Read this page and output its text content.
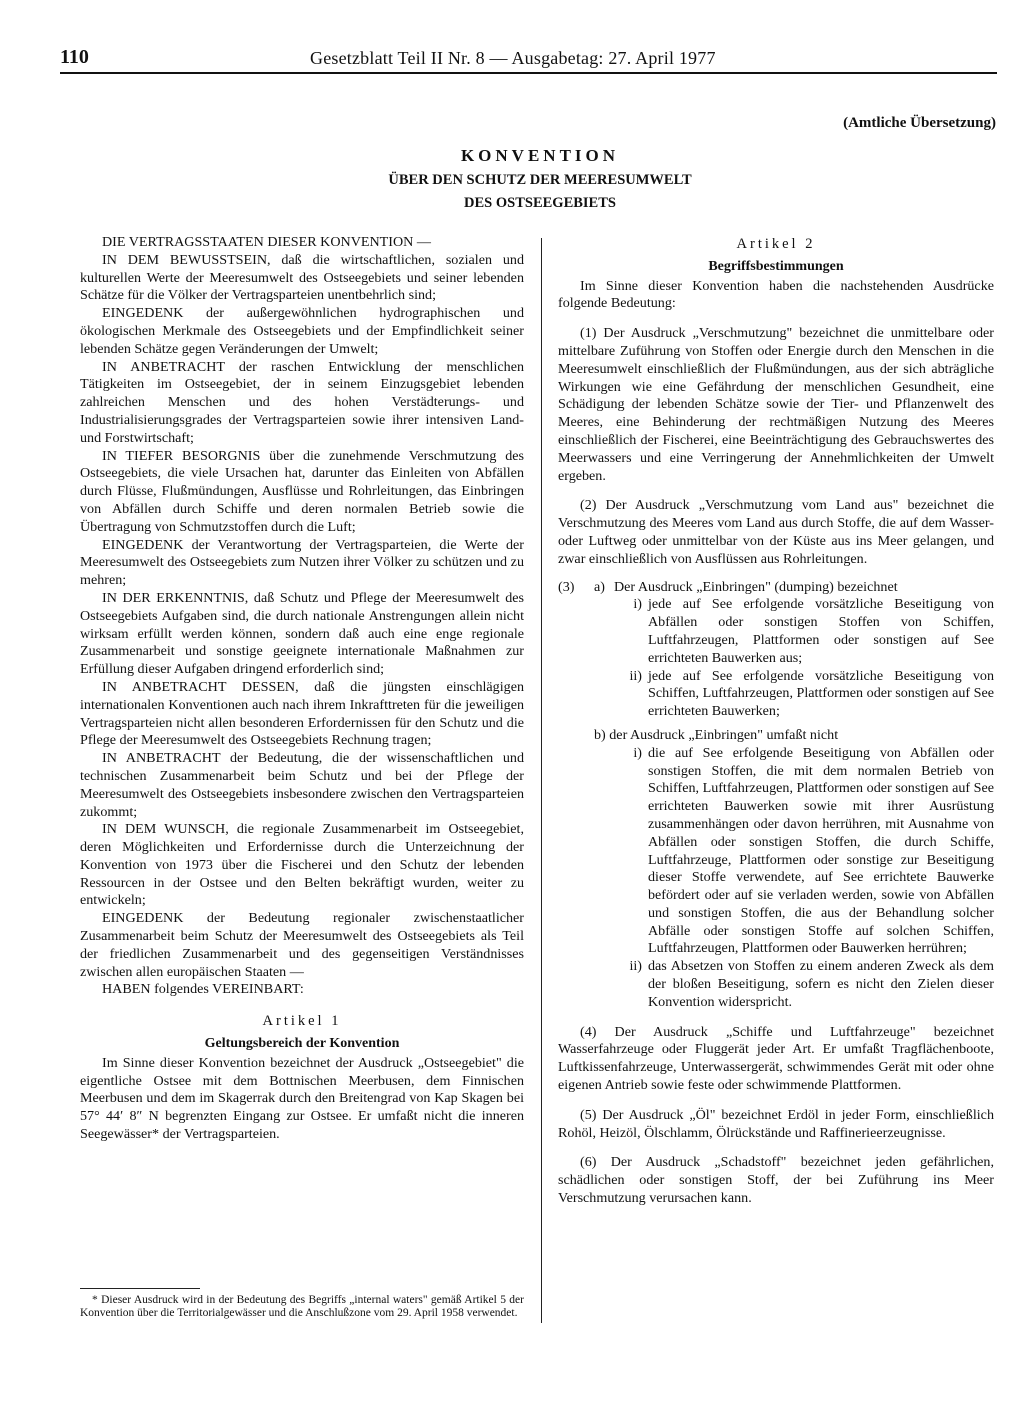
110	Gesetzblatt Teil II Nr. 8 — Ausgabetag: 27. April 1977
(Amtliche Übersetzung)
KONVENTION
ÜBER DEN SCHUTZ DER MEERESUMWELT
DES OSTSEEGEBIETS

DIE VERTRAGSSTAATEN DIESER KONVENTION —

IN DEM BEWUSSTSEIN, daß die wirtschaftlichen, sozialen und kulturellen Werte der Meeresumwelt des Ostseegebiets und seiner lebenden Schätze für die Völker der Vertragsparteien unentbehrlich sind;

EINGEDENK der außergewöhnlichen hydrographischen und ökologischen Merkmale des Ostseegebiets und der Empfindlichkeit seiner lebenden Schätze gegen Veränderungen der Umwelt;

IN ANBETRACHT der raschen Entwicklung der menschlichen Tätigkeiten im Ostseegebiet, der in seinem Einzugsgebiet lebenden zahlreichen Menschen und des hohen Verstädterungs- und Industrialisierungsgrades der Vertragsparteien sowie ihrer intensiven Land- und Forstwirtschaft;

IN TIEFER BESORGNIS über die zunehmende Verschmutzung des Ostseegebiets, die viele Ursachen hat, darunter das Einleiten von Abfällen durch Flüsse, Flußmündungen, Ausflüsse und Rohrleitungen, das Einbringen von Abfällen durch Schiffe und deren normalen Betrieb sowie die Übertragung von Schmutzstoffen durch die Luft;

EINGEDENK der Verantwortung der Vertragsparteien, die Werte der Meeresumwelt des Ostseegebiets zum Nutzen ihrer Völker zu schützen und zu mehren;

IN DER ERKENNTNIS, daß Schutz und Pflege der Meeresumwelt des Ostseegebiets Aufgaben sind, die durch nationale Anstrengungen allein nicht wirksam erfüllt werden können, sondern daß auch eine enge regionale Zusammenarbeit und sonstige geeignete internationale Maßnahmen zur Erfüllung dieser Aufgaben dringend erforderlich sind;

IN ANBETRACHT DESSEN, daß die jüngsten einschlägigen internationalen Konventionen auch nach ihrem Inkrafttreten für die jeweiligen Vertragsparteien nicht allen besonderen Erfordernissen für den Schutz und die Pflege der Meeresumwelt des Ostseegebiets Rechnung tragen;

IN ANBETRACHT der Bedeutung, die der wissenschaftlichen und technischen Zusammenarbeit beim Schutz und bei der Pflege der Meeresumwelt des Ostseegebiets insbesondere zwischen den Vertragsparteien zukommt;

IN DEM WUNSCH, die regionale Zusammenarbeit im Ostseegebiet, deren Möglichkeiten und Erfordernisse durch die Unterzeichnung der Konvention von 1973 über die Fischerei und den Schutz der lebenden Ressourcen in der Ostsee und den Belten bekräftigt wurden, weiter zu entwickeln;

EINGEDENK der Bedeutung regionaler zwischenstaatlicher Zusammenarbeit beim Schutz der Meeresumwelt des Ostseegebiets als Teil der friedlichen Zusammenarbeit und des gegenseitigen Verständnisses zwischen allen europäischen Staaten —

HABEN folgendes VEREINBART:

Artikel 1
Geltungsbereich der Konvention

Im Sinne dieser Konvention bezeichnet der Ausdruck „Ostseegebiet" die eigentliche Ostsee mit dem Bottnischen Meerbusen, dem Finnischen Meerbusen und dem im Skagerrak durch den Breitengrad von Kap Skagen bei 57° 44′ 8″ N begrenzten Eingang zur Ostsee. Er umfaßt nicht die inneren Seegewässer* der Vertragsparteien.

Artikel 2
Begriffsbestimmungen

Im Sinne dieser Konvention haben die nachstehenden Ausdrücke folgende Bedeutung:

(1) Der Ausdruck „Verschmutzung" bezeichnet die unmittelbare oder mittelbare Zuführung von Stoffen oder Energie durch den Menschen in die Meeresumwelt einschließlich der Flußmündungen, aus der sich abträgliche Wirkungen wie eine Gefährdung der menschlichen Gesundheit, eine Schädigung der lebenden Schätze sowie der Tier- und Pflanzenwelt des Meeres, eine Behinderung der rechtmäßigen Nutzung des Meeres einschließlich der Fischerei, eine Beeinträchtigung des Gebrauchswertes des Meerwassers und eine Verringerung der Annehmlichkeiten der Umwelt ergeben.

(2) Der Ausdruck „Verschmutzung vom Land aus" bezeichnet die Verschmutzung des Meeres vom Land aus durch Stoffe, die auf dem Wasser- oder Luftweg oder unmittelbar von der Küste aus ins Meer gelangen, und zwar einschließlich von Ausflüssen aus Rohrleitungen.

(3)	a) Der Ausdruck „Einbringen" (dumping) bezeichnet
i) jede auf See erfolgende vorsätzliche Beseitigung von Abfällen oder sonstigen Stoffen von Schiffen, Luftfahrzeugen, Plattformen oder sonstigen auf See errichteten Bauwerken aus;
ii) jede auf See erfolgende vorsätzliche Beseitigung von Schiffen, Luftfahrzeugen, Plattformen oder sonstigen auf See errichteten Bauwerken;
b) der Ausdruck „Einbringen" umfaßt nicht
i) die auf See erfolgende Beseitigung von Abfällen oder sonstigen Stoffen, die mit dem normalen Betrieb von Schiffen, Luftfahrzeugen, Plattformen oder sonstigen auf See errichteten Bauwerken sowie mit ihrer Ausrüstung zusammenhängen oder davon herrühren, mit Ausnahme von Abfällen oder sonstigen Stoffen, die durch Schiffe, Luftfahrzeuge, Plattformen oder sonstige zur Beseitigung dieser Stoffe verwendete, auf See errichtete Bauwerke befördert oder auf sie verladen werden, sowie von Abfällen und sonstigen Stoffen, die aus der Behandlung solcher Abfälle oder sonstigen Stoffe auf solchen Schiffen, Luftfahrzeugen, Plattformen oder Bauwerken herrühren;
ii) das Absetzen von Stoffen zu einem anderen Zweck als dem der bloßen Beseitigung, sofern es nicht den Zielen dieser Konvention widerspricht.

(4) Der Ausdruck „Schiffe und Luftfahrzeuge" bezeichnet Wasserfahrzeuge oder Fluggerät jeder Art. Er umfaßt Tragflächenboote, Luftkissenfahrzeuge, Unterwassergerät, schwimmendes Gerät mit oder ohne eigenen Antrieb sowie feste oder schwimmende Plattformen.

(5) Der Ausdruck „Öl" bezeichnet Erdöl in jeder Form, einschließlich Rohöl, Heizöl, Ölschlamm, Ölrückstände und Raffinerieerzeugnisse.

(6) Der Ausdruck „Schadstoff" bezeichnet jeden gefährlichen, schädlichen oder sonstigen Stoff, der bei Zuführung ins Meer Verschmutzung verursachen kann.

* Dieser Ausdruck wird in der Bedeutung des Begriffs „internal waters" gemäß Artikel 5 der Konvention über die Territorialgewässer und die Anschlußzone vom 29. April 1958 verwendet.
